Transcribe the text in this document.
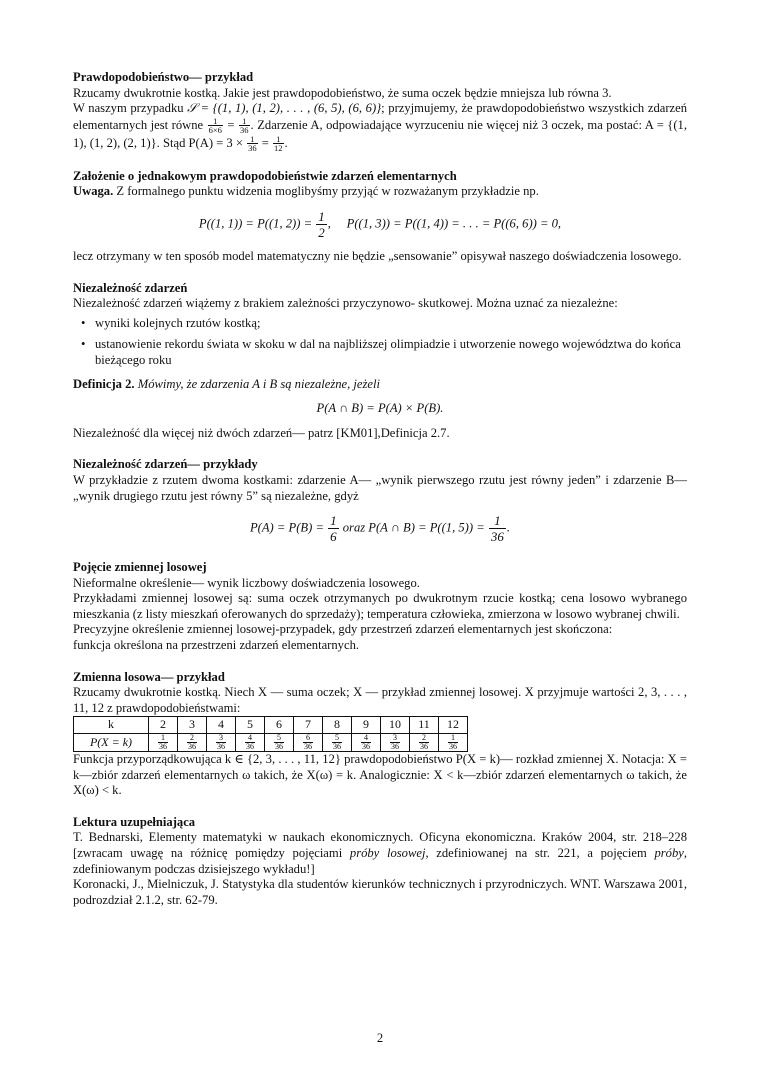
Prawdopodobieństwo— przykład

Rzucamy dwukrotnie kostką. Jakie jest prawdopodobieństwo, że suma oczek będzie mniejsza lub równa 3.

W naszym przypadku 𝒮 = {(1, 1), (1, 2), . . . , (6, 5), (6, 6)}; przyjmujemy, że prawdopodobieństwo wszystkich zdarzeń elementarnych jest równe $\frac{1}{6\times 6} = \frac{1}{36}$ . Zdarzenie A, odpowiadające wyrzuceniu nie więcej niż 3 oczek, ma postać: A = {(1, 1), (1, 2), (2, 1)}. Stąd $P(A) = 3 \times \frac{1}{36} = \frac{1}{12}$ .

Założenie o jednakowym prawdopodobieństwie zdarzeń elementarnych

Uwaga. Z formalnego punktu widzenia moglibyśmy przyjąć w rozważanym przykładzie np.

P((1, 1)) = P((1, $2)) = \frac{1}{2}$ ,     P((1, 3)) = P((1, 4)) = . . . = P((6, 6)) = 0,

lecz otrzymany w ten sposób model matematyczny nie będzie „sensowanie” opisywał naszego doświadczenia losowego.

Niezależność zdarzeń

Niezależność zdarzeń wiążemy z brakiem zależności przyczynowo- skutkowej. Można uznać za niezależne:

• wyniki kolejnych rzutów kostką;
• ustanowienie rekordu świata w skoku w dal na najbliższej olimpiadzie i utworzenie nowego województwa do końca bieżącego roku

Definicja 2. Mówimy, że zdarzenia A i B są niezależne, jeżeli

P(A ∩ B) = P(A) × P(B).

Niezależność dla więcej niż dwóch zdarzeń— patrz [KM01],Definicja 2.7.

Niezależność zdarzeń— przykłady

W przykładzie z rzutem dwoma kostkami: zdarzenie A— „wynik pierwszego rzutu jest równy jeden” i zdarzenie B— „wynik drugiego rzutu jest równy 5” są niezależne, gdyż

$P(A) = P(B) = \frac{1}{6}$ oraz P(A ∩ B) = P((1, $5)) = \frac{1}{36}$ .
Pojęcie zmiennej losowej

Nieformalne określenie— wynik liczbowy doświadczenia losowego.

Przykładami zmiennej losowej są: suma oczek otrzymanych po dwukrotnym rzucie kostką; cena losowo wybranego mieszkania (z listy mieszkań oferowanych do sprzedaży); temperatura człowieka, zmierzona w losowo wybranej chwili.

Precyzyjne określenie zmiennej losowej-przypadek, gdy przestrzeń zdarzeń elementarnych jest skończona:

funkcja określona na przestrzeni zdarzeń elementarnych.

Zmienna losowa— przykład

Rzucamy dwukrotnie kostką. Niech X — suma oczek; X — przykład zmiennej losowej. X przyjmuje wartości 2, 3, . . . , 11, 12 z prawdopodobieństwami:

k	2	3	4	5	6	7	8	9	10	11	12
P(X = k)	$\frac{1}{36}$	$\frac{2}{36}$	$\frac{3}{36}$	$\frac{4}{36}$	$\frac{5}{36}$	$\frac{6}{36}$	$\frac{5}{36}$	$\frac{4}{36}$	$\frac{3}{36}$	$\frac{2}{36}$	$\frac{1}{36}$

Funkcja przyporządkowująca k ∈ {2, 3, . . . , 11, 12} prawdopodobieństwo P(X = k)— rozkład zmiennej X. Notacja: X = k—zbiór zdarzeń elementarnych ω takich, że X(ω) = k. Analogicznie: X < k—zbiór zdarzeń elementarnych ω takich, że X(ω) < k.

Lektura uzupełniająca

T. Bednarski, Elementy matematyki w naukach ekonomicznych. Oficyna ekonomiczna. Kraków 2004, str. 218–228 [zwracam uwagę na różnicę pomiędzy pojęciami próby losowej, zdefiniowanej na str. 221, a pojęciem próby, zdefiniowanym podczas dzisiejszego wykładu!]

Koronacki, J., Mielniczuk, J. Statystyka dla studentów kierunków technicznych i przyrodniczych. WNT. Warszawa 2001, podrozdział 2.1.2, str. 62-79.

2
